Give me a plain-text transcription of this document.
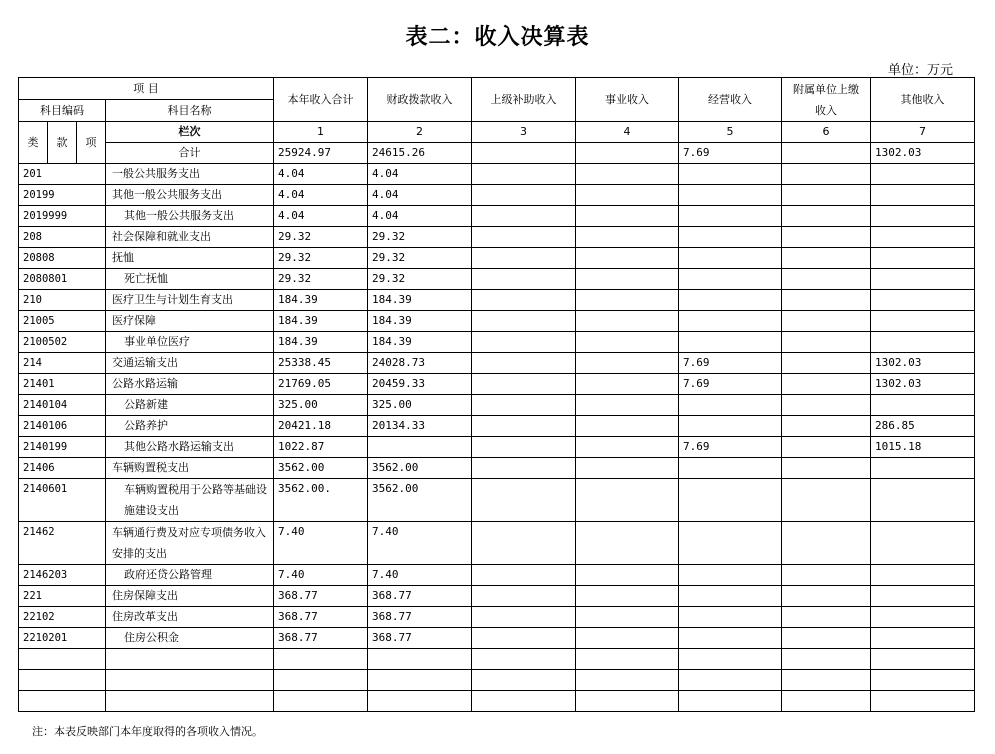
表二：收入决算表
单位：万元
项 目				本年收入合计	财政拨款收入	上级补助收入	事业收入	经营收入	附属单位上缴收入	其他收入
科目编码			科目名称							
类	款	项	栏次	1	2	3	4	5	6	7
			合计	25924.97	24615.26			7.69		1302.03
201			一般公共服务支出	4.04	4.04					
20199			其他一般公共服务支出	4.04	4.04					
2019999			其他一般公共服务支出	4.04	4.04					
208			社会保障和就业支出	29.32	29.32					
20808			抚恤	29.32	29.32					
2080801			死亡抚恤	29.32	29.32					
210			医疗卫生与计划生育支出	184.39	184.39					
21005			医疗保障	184.39	184.39					
2100502			事业单位医疗	184.39	184.39					
214			交通运输支出	25338.45	24028.73			7.69		1302.03
21401			公路水路运输	21769.05	20459.33			7.69		1302.03
2140104			公路新建	325.00	325.00					
2140106			公路养护	20421.18	20134.33					286.85
2140199			其他公路水路运输支出	1022.87				7.69		1015.18
21406			车辆购置税支出	3562.00	3562.00					
2140601			车辆购置税用于公路等基础设施建设支出	3562.00.	3562.00					
21462			车辆通行费及对应专项债务收入安排的支出	7.40	7.40					
2146203			政府还贷公路管理	7.40	7.40					
221			住房保障支出	368.77	368.77					
22102			住房改革支出	368.77	368.77					
2210201			住房公积金	368.77	368.77					

注：本表反映部门本年度取得的各项收入情况。
